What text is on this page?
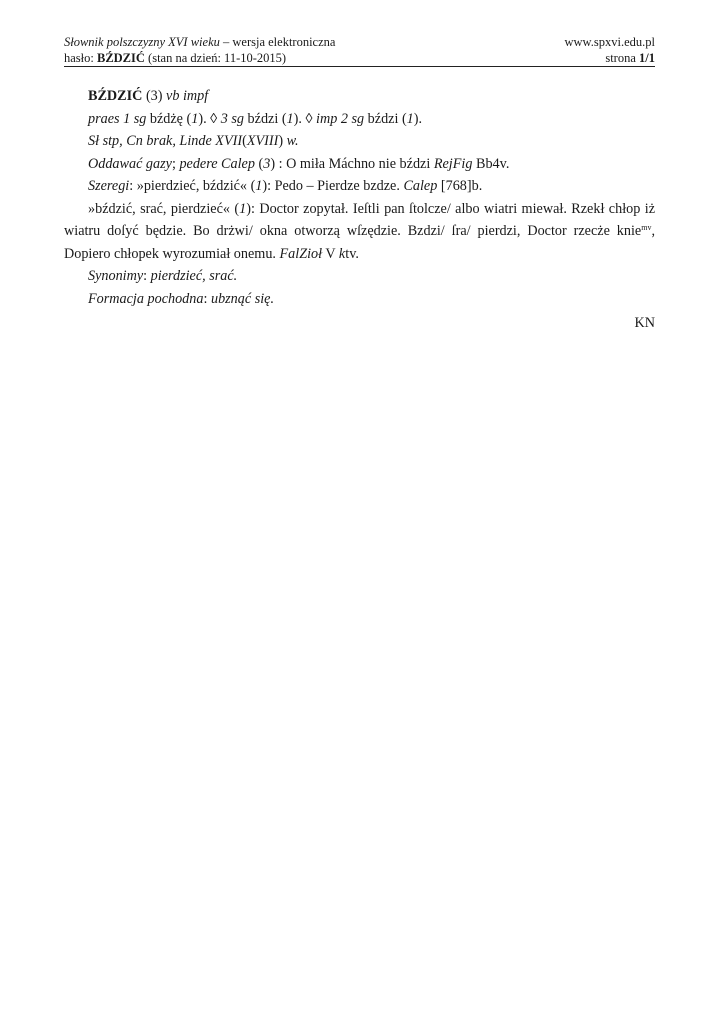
Słownik polszczyzny XVI wieku – wersja elektroniczna	www.spxvi.edu.pl
hasło: BŹDZIĆ (stan na dzień: 11-10-2015)	strona 1/1

BŹDZIĆ (3) vb impf

praes 1 sg bźdżę (1). ◊ 3 sg bździ (1). ◊ imp 2 sg bździ (1).

Sł stp, Cn brak, Linde XVII(XVIII) w.

Oddawać gazy; pedere Calep (3) : O miła Máchno nie bździ RejFig Bb4v.

Szeregi: »pierdzieć, bździć« (1): Pedo – Pierdze bzdze. Calep [768]b.

»bździć, srać, pierdzieć« (1): Doctor zopytał. Ieſtli pan ſtolcze/ albo wiatri miewał. Rzekł chłop iż wiatru doſyć będzie. Bo drżwi/ okna otworzą wſzędzie. Bzdzi/ ſra/ pierdzi, Doctor rzecże knie$^{mv}$, Dopiero chłopek wyrozumiał onemu. FalZioł V ktv.

Synonimy: pierdzieć, srać.

Formacja pochodna: ubznąć się.

KN
